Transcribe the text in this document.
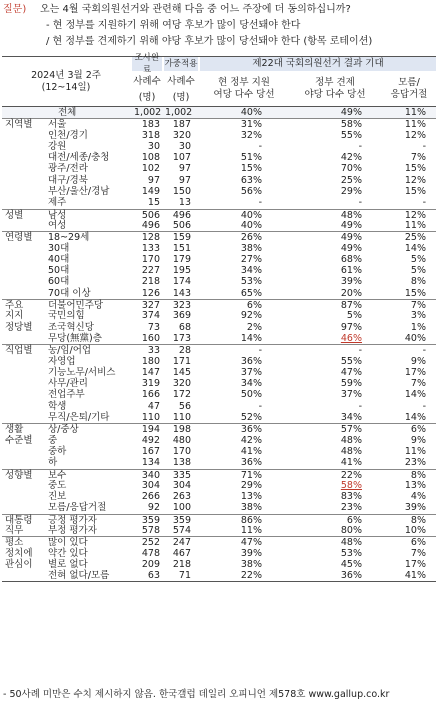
질문) 오는 4월 국회의원선거와 관련해 다음 중 어느 주장에 더 동의하십니까?
- 현 정부를 지원하기 위해 여당 후보가 많이 당선돼야 한다
/ 현 정부를 견제하기 위해 야당 후보가 많이 당선돼야 한다 (항목 로테이션)
2024년 3월 2주
(12~14일)
조사완료
가중적용
사례수 사례수
(명)	(명)
제22대 국회의원선거 결과 기대
현 정부 지원
여당 다수 당선
정부 견제
야당 다수 당선
모름/
응답거절
전체	1,002 1,002	40%	49%	11%
지역별 서울	183	187	31%	58%	11%
인천/경기	318	320	32%	55%	12%
강원	30	30	-	-	-
대전/세종/충청	108	107	51%	42%	7%
광주/전라	102	97	15%	70%	15%
대구/경북	97	97	63%	25%	12%
부산/울산/경남	149	150	56%	29%	15%
제주	15	13	-	-	-
성별	남성	506	496	40%	48%	12%
여성	496	506	40%	49%	11%
연령별 18~29세	128	159	26%	49%	25%
30대	133	151	38%	49%	14%
40대	170	179	27%	68%	5%
50대	227	195	34%	61%	5%
60대	218	174	53%	39%	8%
70대 이상	126	143	65%	20%	15%
주요	더불어민주당	327	323	6%	87%	7%
지지	국민의힘	374	369	92%	5%	3%
정당별 조국혁신당	73	68	2%	97%	1%
무당(無黨)층	160	173	14%	46%	40%
직업별 농/임/어업	33	28	-	-	-
자영업	180	171	36%	55%	9%
기능노무/서비스	147	145	37%	47%	17%
사무/관리	319	320	34%	59%	7%
전업주부	166	172	50%	37%	14%
학생	47	56	-	-	-
무직/은퇴/기타	110	110	52%	34%	14%
생활	상/중상	194	198	36%	57%	6%
수준별 중	492	480	42%	48%	9%
중하	167	170	41%	48%	11%
하	134	138	36%	41%	23%
성향별 보수	340	335	71%	22%	8%
중도	304	304	29%	58%	13%
진보	266	263	13%	83%	4%
모름/응답거절	92	100	38%	23%	39%
대통령 긍정 평가자	359	359	86%	6%	8%
직무	부정 평가자	578	574	11%	80%	10%
평소	많이 있다	252	247	47%	48%	6%
정치에 약간 있다	478	467	39%	53%	7%
관심이 별로 없다	209	218	38%	45%	17%
전혀 없다/모름	63	71	22%	36%	41%
- 50사례 미만은 수치 제시하지 않음. 한국갤럽 데일리 오피니언 제578호 www.gallup.co.kr
